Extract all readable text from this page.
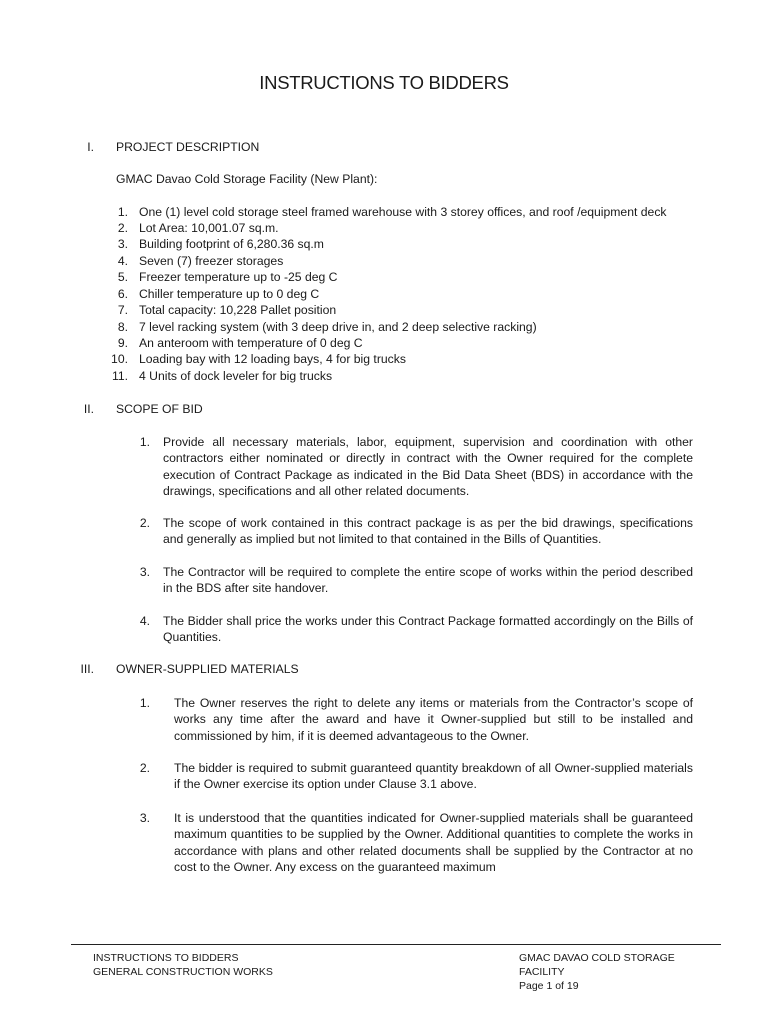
INSTRUCTIONS TO BIDDERS
I. PROJECT DESCRIPTION
GMAC Davao Cold Storage Facility (New Plant):
1. One (1) level cold storage steel framed warehouse with 3 storey offices, and roof /equipment deck
2. Lot Area: 10,001.07 sq.m.
3. Building footprint of 6,280.36 sq.m
4. Seven (7) freezer storages
5. Freezer temperature up to -25 deg C
6. Chiller temperature up to 0 deg C
7. Total capacity: 10,228 Pallet position
8. 7 level racking system (with 3 deep drive in, and 2 deep selective racking)
9. An anteroom with temperature of 0 deg C
10. Loading bay with 12 loading bays, 4 for big trucks
11. 4 Units of dock leveler for big trucks
II. SCOPE OF BID
1. Provide all necessary materials, labor, equipment, supervision and coordination with other contractors either nominated or directly in contract with the Owner required for the complete execution of Contract Package as indicated in the Bid Data Sheet (BDS) in accordance with the drawings, specifications and all other related documents.
2. The scope of work contained in this contract package is as per the bid drawings, specifications and generally as implied but not limited to that contained in the Bills of Quantities.
3. The Contractor will be required to complete the entire scope of works within the period described in the BDS after site handover.
4. The Bidder shall price the works under this Contract Package formatted accordingly on the Bills of Quantities.
III. OWNER-SUPPLIED MATERIALS
1. The Owner reserves the right to delete any items or materials from the Contractor’s scope of works any time after the award and have it Owner-supplied but still to be installed and commissioned by him, if it is deemed advantageous to the Owner.
2. The bidder is required to submit guaranteed quantity breakdown of all Owner-supplied materials if the Owner exercise its option under Clause 3.1 above.
3. It is understood that the quantities indicated for Owner-supplied materials shall be guaranteed maximum quantities to be supplied by the Owner. Additional quantities to complete the works in accordance with plans and other related documents shall be supplied by the Contractor at no cost to the Owner. Any excess on the guaranteed maximum
INSTRUCTIONS TO BIDDERS
GENERAL CONSTRUCTION WORKS
GMAC DAVAO COLD STORAGE
FACILITY
Page 1 of 19
